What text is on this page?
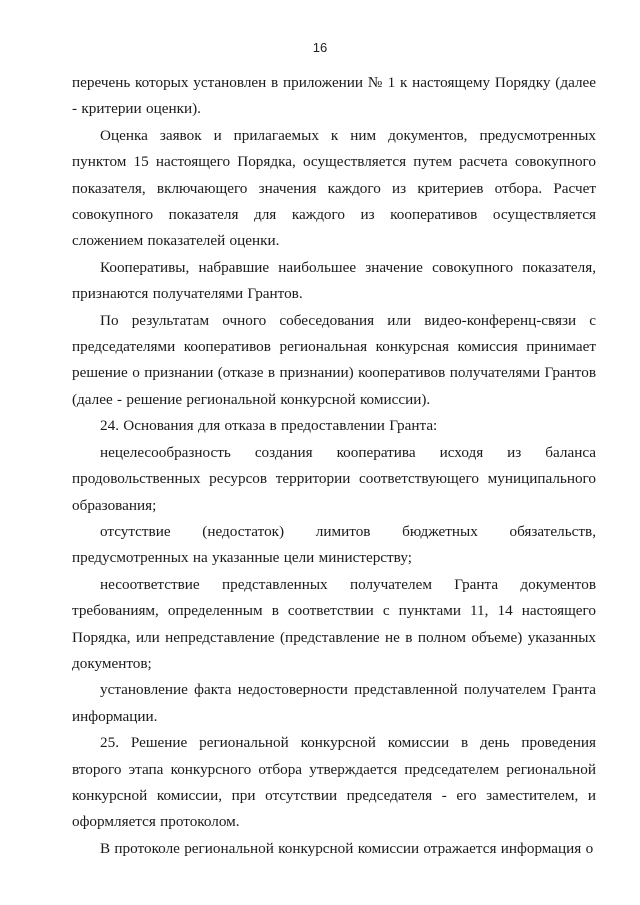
16

перечень которых установлен в приложении № 1 к настоящему Порядку (далее - критерии оценки).

Оценка заявок и прилагаемых к ним документов, предусмотренных пунктом 15 настоящего Порядка, осуществляется путем расчета совокупного показателя, включающего значения каждого из критериев отбора. Расчет совокупного показателя для каждого из кооперативов осуществляется сложением показателей оценки.

Кооперативы, набравшие наибольшее значение совокупного показателя, признаются получателями Грантов.

По результатам очного собеседования или видео-конференц-связи с председателями кооперативов региональная конкурсная комиссия принимает решение о признании (отказе в признании) кооперативов получателями Грантов (далее - решение региональной конкурсной комиссии).

24. Основания для отказа в предоставлении Гранта:

нецелесообразность создания кооператива исходя из баланса продовольственных ресурсов территории соответствующего муниципального образования;

отсутствие (недостаток) лимитов бюджетных обязательств, предусмотренных на указанные цели министерству;

несоответствие представленных получателем Гранта документов требованиям, определенным в соответствии с пунктами 11, 14 настоящего Порядка, или непредставление (представление не в полном объеме) указанных документов;

установление факта недостоверности представленной получателем Гранта информации.

25. Решение региональной конкурсной комиссии в день проведения второго этапа конкурсного отбора утверждается председателем региональной конкурсной комиссии, при отсутствии председателя - его заместителем, и оформляется протоколом.

В протоколе региональной конкурсной комиссии отражается информация о
